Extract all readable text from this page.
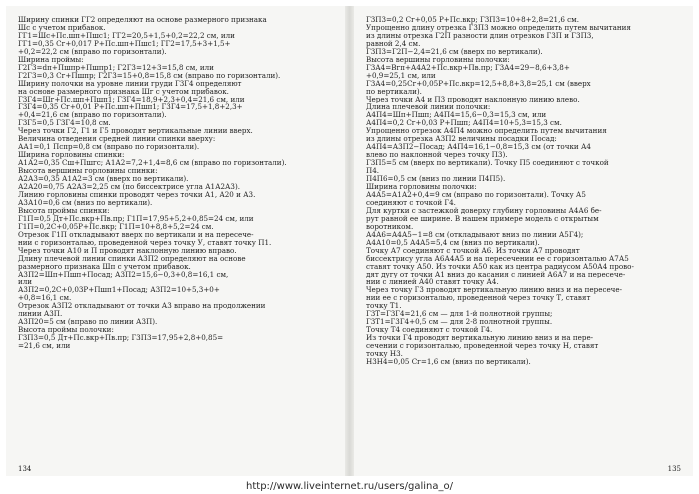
Ширину спинки ГГ2 определяют на основе размерного признака
Шс с учетом прибавок.
ГГ1=Шс+Пс.шп+Пшс1; ГГ2=20,5+1,5+0,2=22,2 см, или
ГГ1=0,35 Сг+0,017 Р+Пс.шп+Пшс1; ГГ2=17,5+3+1,5+
+0,2=22,2 см (вправо по горизонтали).
Ширина проймы:
Г2Г3=dп+Пшпр+Пшпр1; Г2Г3=12+3=15,8 см, или
Г2Г3=0,3 Сг+Пшпр; Г2Г3=15+0,8=15,8 см (вправо по горизонтали).
Ширину полочки на уровне линии груди Г3Г4 определяют
на основе размерного признака Шг с учетом прибавок.
Г3Г4=Шг+Пс.шп+Пшп1; Г3Г4=18,9+2,3+0,4=21,6 см, или
Г3Г4=0,35 Сг+0,01 Р+Пс.шп+Пшп1; Г3Г4=17,5+1,8+2,3+
+0,4=21,6 см (вправо по горизонтали).
Г3Г5=0,5 Г3Г4=10,8 см.
Через точки Г2, Г1 и Г5 проводят вертикальные линии вверх.
Величина отведения средней линии спинки вверху:
АА1=0,1 Пспр=0,8 см (вправо по горизонтали).
Ширина горловины спинки:
А1А2=0,35 Сш+Пшгс; А1А2=7,2+1,4=8,6 см (вправо по горизонтали).
Высота вершины горловины спинки:
А2А3=0,35 А1А2=3 см (вверх по вертикали).
А2А20=0,75 А2А3=2,25 см (по биссектрисе угла А1А2А3).
Линию горловины спинки проводят через точки А1, А20 и А3.
А3А10=0,6 см (вниз по вертикали).
Высота проймы спинки:
Г1П=0,5 Дт+Пс.вкр+Пв.пр; Г1П=17,95+5,2+0,85=24 см, или
Г1П=0,2С+0,05Р+Пс.вкр; Г1П=10+8,8+5,2=24 см.
Отрезок Г1П откладывают вверх по вертикали и на пересече-
нии с горизонталью, проведенной через точку У, ставят точку П1.
Через точки А10 и П проводят наклонную линию вправо.
Длину плечевой линии спинки А3П2 определяют на основе
размерного признака Шп с учетом прибавок.
А3П2=Шп+Пшп+Посад; А3П2=15,6−0,3+0,8=16,1 см,
или
А3П2=0,2С+0,03Р+Пшп1+Посад; А3П2=10+5,3+0+
+0,8=16,1 см.
Отрезок А3П2 откладывают от точки А3 вправо на продолжении
линии А3П.
А3П20=5 см (вправо по линии А3П).
Высота проймы полочки:
Г3П3=0,5 Дт+Пс.вкр+Пв.пр; Г3П3=17,95+2,8+0,85=
=21,6 см, или
134
Г3П3=0,2 Сг+0,05 Р+Пс.вкр; Г3П3=10+8+2,8=21,6 см.
Упрощенно длину отрезка Г3П3 можно определить путем вычитания
из длины отрезка Г2П разности длин отрезков Г3П и Г3П3,
равной 2,4 см.
Г3П3=Г2П−2,4=21,6 см (вверх по вертикали).
Высота вершины горловины полочки:
Г3А4=Вгп+А4А2+Пс.вкр+Пв.пр; Г3А4=29−8,6+3,8+
+0,9=25,1 см, или
Г3А4=0,25Сг+0,05Р+Пс.вкр=12,5+8,8+3,8=25,1 см (вверх
по вертикали).
Через точки А4 и П3 проводят наклонную линию влево.
Длина плечевой линии полочки:
А4П4=Шп+Пшп; А4П4=15,6−0,3=15,3 см, или
А4П4=0,2 Сг+0,03 Р+Пшп; А4П4=10+5,3=15,3 см.
Упрощенно отрезок А4П4 можно определить путем вычитания
из длины отрезка А3П2 величины посадки Посад:
А4П4=А3П2−Посад; А4П4=16,1−0,8=15,3 см (от точки А4
влево по наклонной через точку П3).
Г3П5=5 см (вверх по вертикали). Точку П5 соединяют с точкой
П4.
П4П6=0,5 см (вниз по линии П4П5).
Ширина горловины полочки:
А4А5=А1А2+0,4=9 см (вправо по горизонтали). Точку А5
соединяют с точкой Г4.
Для куртки с застежкой доверху глубину горловины А4А6 бе-
рут равной ее ширине. В нашем примере модель с открытым
воротником.
А4А6=А4А5−1=8 см (откладывают вниз по линии А5Г4);
А4А10=0,5 А4А5=5,4 см (вниз по вертикали).
Точку А7 соединяют с точкой А6. Из точки А7 проводят
биссектрису угла А6А4А5 и на пересечении ее с горизонталью А7А5
ставят точку А50. Из точки А50 как из центра радиусом А50А4 прово-
дят дугу от точки А1 вниз до касания с линией А6А7 и на пересече-
нии с линией А40 ставят точку А4.
Через точку Г3 проводят вертикальную линию вниз и на пересече-
нии ее с горизонталью, проведенной через точку Т, ставят
точку Т1.
Г3Т=Г3Г4=21,6 см — для 1-й полнотной группы;
Г3Т1=Г3Г4+0,5 см — для 2-8 полнотной группы.
Точку Т4 соединяют с точкой Г4.
Из точки Г4 проводят вертикальную линию вниз и на пере-
сечении с горизонталью, проведенной через точку Н, ставят
точку Н3.
Н3Н4=0,05 Сг=1,6 см (вниз по вертикали).
135
http://www.liveinternet.ru/users/galina_o/
